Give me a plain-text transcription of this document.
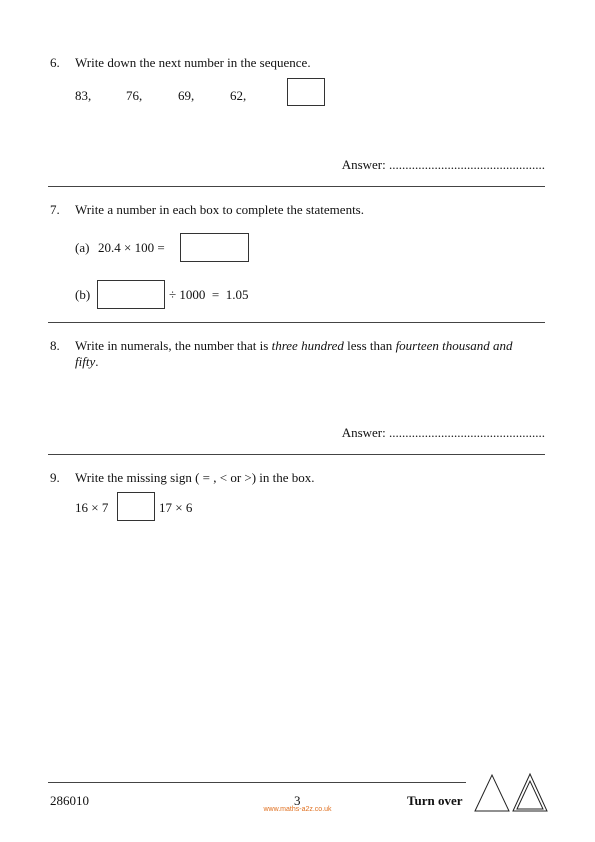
6. Write down the next number in the sequence.
83,	76,	69,	62,
Answer: ................................................
7. Write a number in each box to complete the statements.
(a) 20.4 × 100 =
(b)	÷ 1000  =  1.05
8. Write in numerals, the number that is three hundred less than fourteen thousand and
fifty.
Answer: ................................................
9. Write the missing sign ( = , < or >) in the box.
16 × 7	17 × 6
286010	3
www.maths-a2z.co.uk
Turn over
